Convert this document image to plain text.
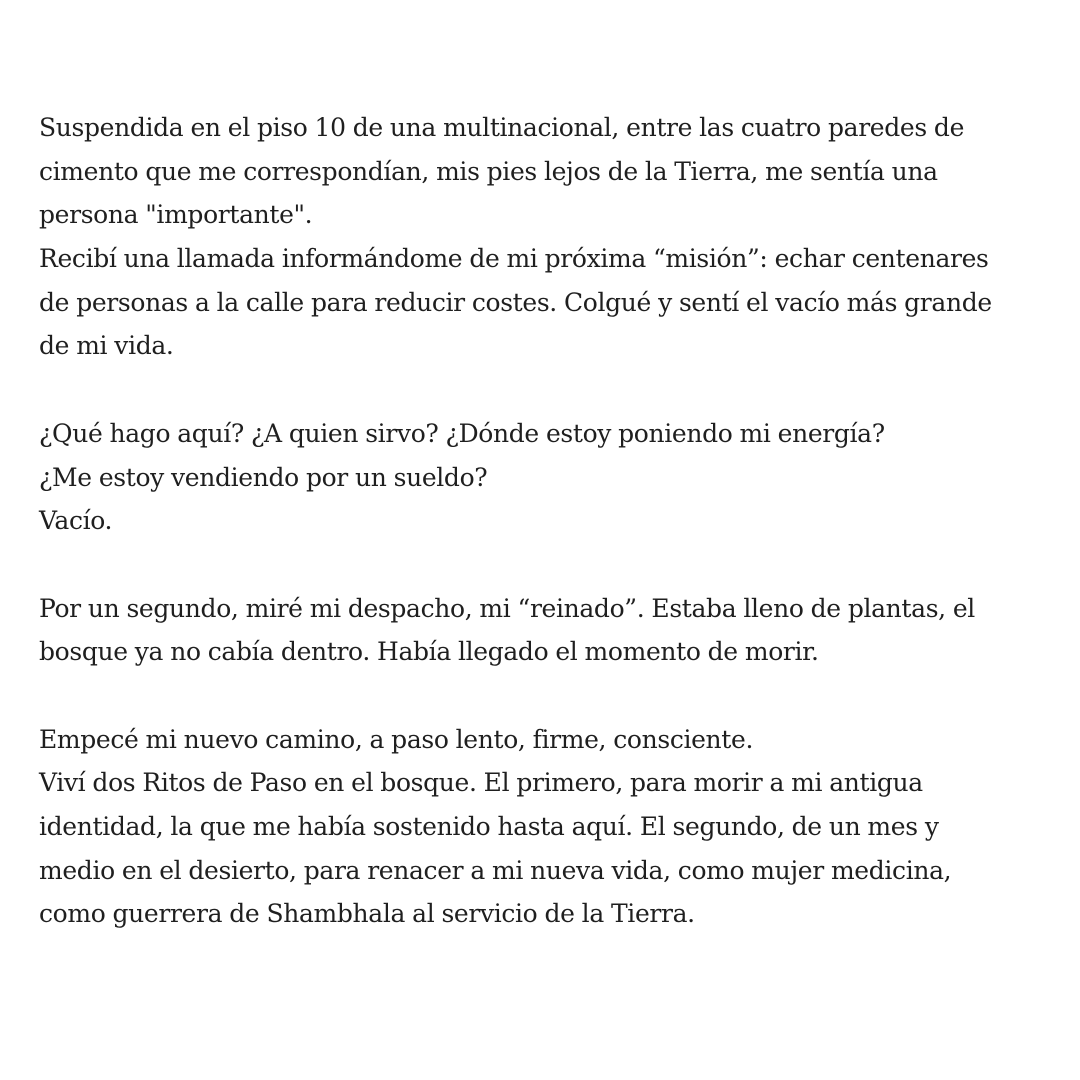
Suspendida en el piso 10 de una multinacional, entre las cuatro paredes de
cimento que me correspondían, mis pies lejos de la Tierra, me sentía una
persona "importante".
Recibí una llamada informándome de mi próxima “misión”: echar centenares
de personas a la calle para reducir costes. Colgué y sentí el vacío más grande
de mi vida.
¿Qué hago aquí? ¿A quien sirvo? ¿Dónde estoy poniendo mi energía?
¿Me estoy vendiendo por un sueldo?
Vacío.
Por un segundo, miré mi despacho, mi “reinado”. Estaba lleno de plantas, el
bosque ya no cabía dentro. Había llegado el momento de morir.
Empecé mi nuevo camino, a paso lento, firme, consciente.
Viví dos Ritos de Paso en el bosque. El primero, para morir a mi antigua
identidad, la que me había sostenido hasta aquí. El segundo, de un mes y
medio en el desierto, para renacer a mi nueva vida, como mujer medicina,
como guerrera de Shambhala al servicio de la Tierra.
